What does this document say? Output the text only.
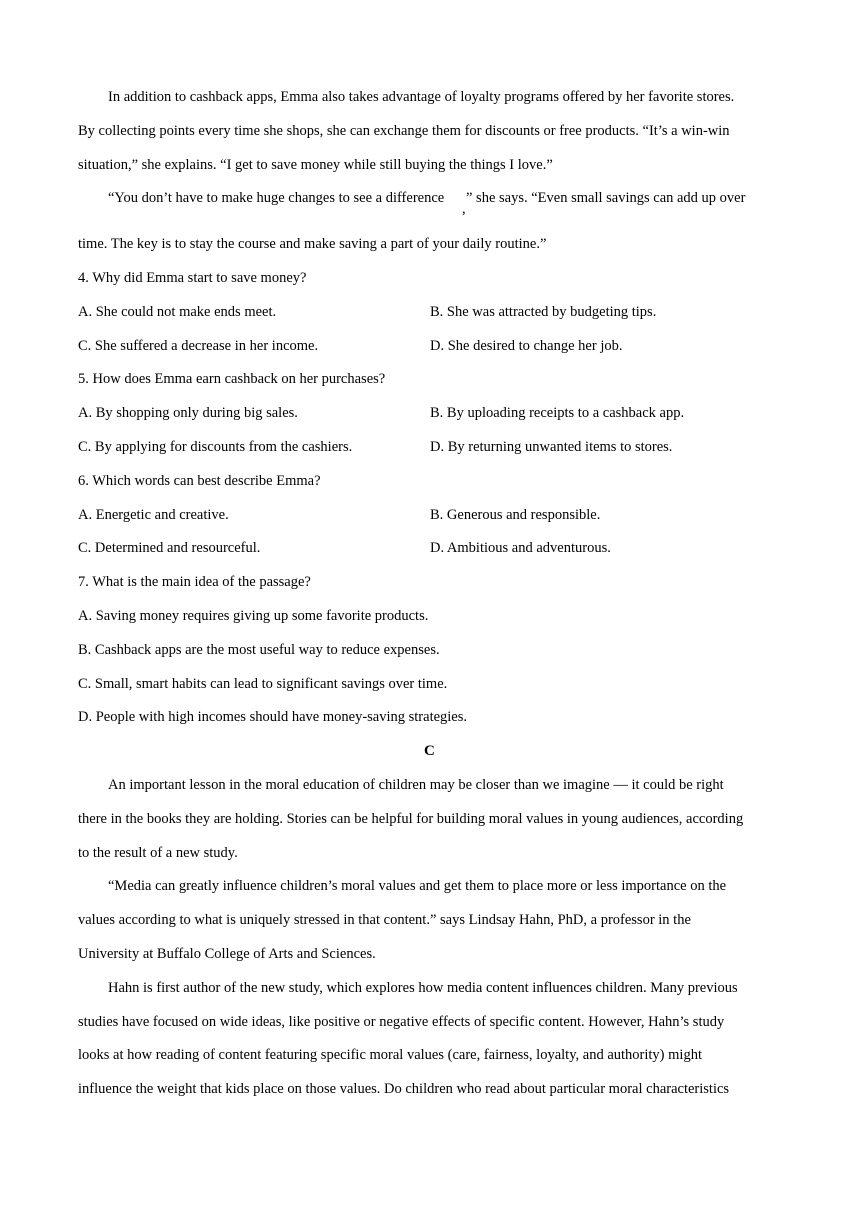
In addition to cashback apps, Emma also takes advantage of loyalty programs offered by her favorite stores.
By collecting points every time she shops, she can exchange them for discounts or free products. “It’s a win-win
situation,” she explains. “I get to save money while still buying the things I love.”
“You don’t have to make huge changes to see a difference
,
” she says. “Even small savings can add up over
time. The key is to stay the course and make saving a part of your daily routine.”
4. Why did Emma start to save money?
A. She could not make ends meet.	B. She was attracted by budgeting tips.
C. She suffered a decrease in her income.	D. She desired to change her job.
5. How does Emma earn cashback on her purchases?
A. By shopping only during big sales.	B. By uploading receipts to a cashback app.
C. By applying for discounts from the cashiers.	D. By returning unwanted items to stores.
6. Which words can best describe Emma?
A. Energetic and creative.	B. Generous and responsible.
C. Determined and resourceful.	D. Ambitious and adventurous.
7. What is the main idea of the passage?
A. Saving money requires giving up some favorite products.
B. Cashback apps are the most useful way to reduce expenses.
C. Small, smart habits can lead to significant savings over time.
D. People with high incomes should have money-saving strategies.
C
An important lesson in the moral education of children may be closer than we imagine — it could be right
there in the books they are holding. Stories can be helpful for building moral values in young audiences, according
to the result of a new study.
“Media can greatly influence children’s moral values and get them to place more or less importance on the
values according to what is uniquely stressed in that content.” says Lindsay Hahn, PhD, a professor in the
University at Buffalo College of Arts and Sciences.
Hahn is first author of the new study, which explores how media content influences children. Many previous
studies have focused on wide ideas, like positive or negative effects of specific content. However, Hahn’s study
looks at how reading of content featuring specific moral values (care, fairness, loyalty, and authority) might
influence the weight that kids place on those values. Do children who read about particular moral characteristics
